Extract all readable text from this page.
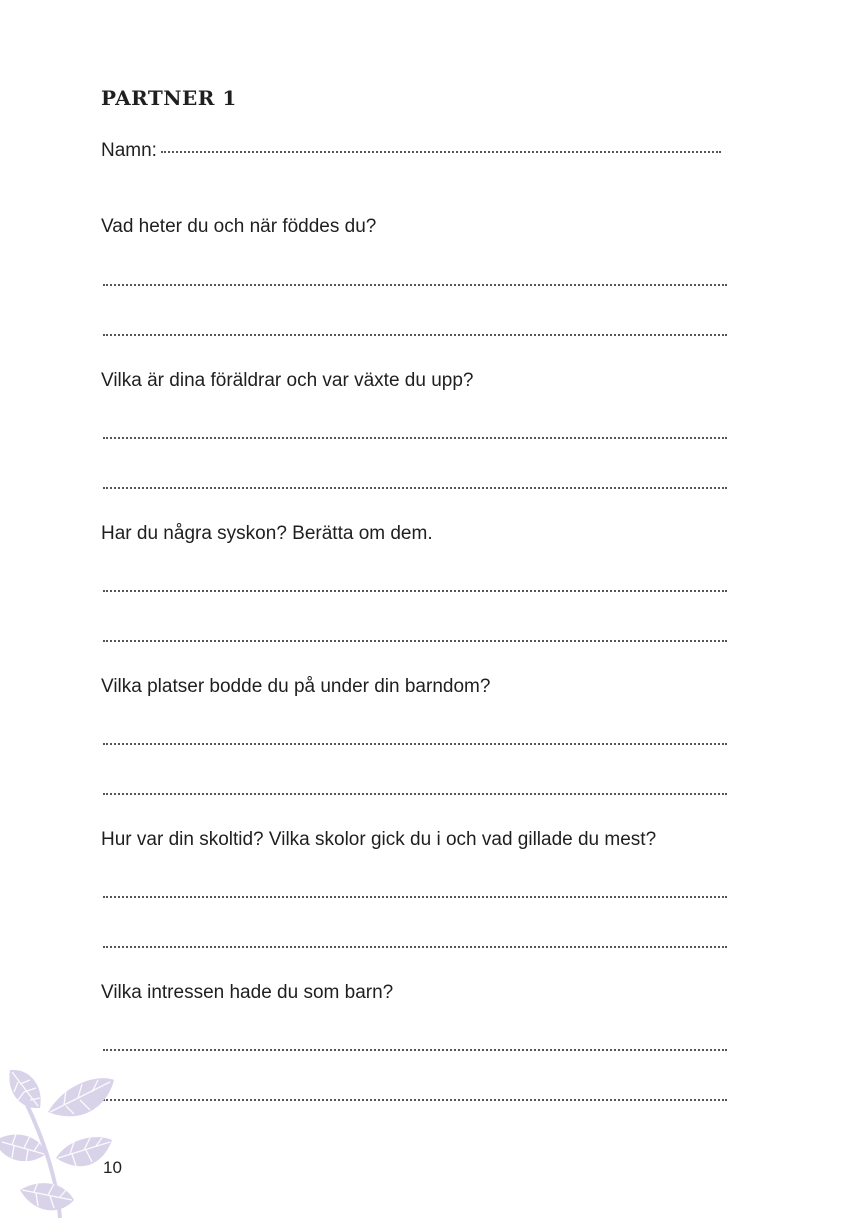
PARTNER 1
Namn:

Vad heter du och när föddes du?

Vilka är dina föräldrar och var växte du upp?

Har du några syskon? Berätta om dem.

Vilka platser bodde du på under din barndom?

Hur var din skoltid? Vilka skolor gick du i och vad gillade du mest?

Vilka intressen hade du som barn?

10
